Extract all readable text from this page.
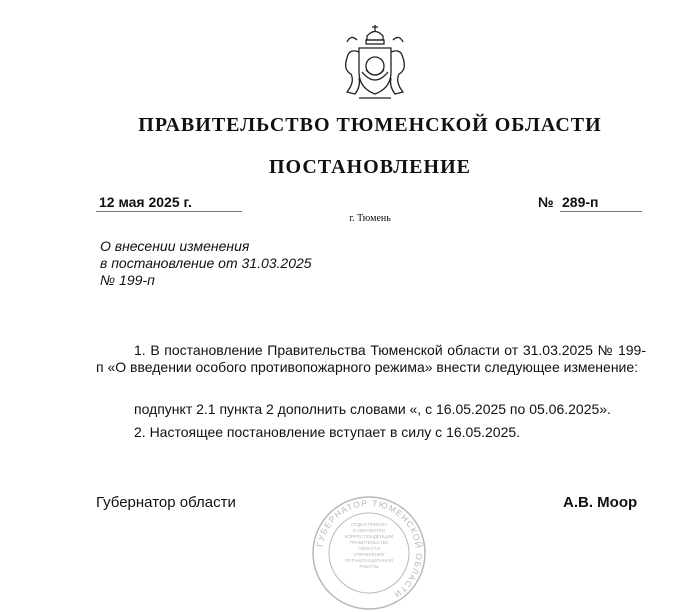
ПРАВИТЕЛЬСТВО ТЮМЕНСКОЙ ОБЛАСТИ
ПОСТАНОВЛЕНИЕ
12 мая 2025 г.	№ 289-п
г. Тюмень
О внесении изменения
в постановление от 31.03.2025
№ 199-п
1. В постановление Правительства Тюменской области от 31.03.2025 № 199-п «О введении особого противопожарного режима» внести следующее изменение:
подпункт 2.1 пункта 2 дополнить словами «, с 16.05.2025 по 05.06.2025».
2. Настоящее постановление вступает в силу с 16.05.2025.
Губернатор области	А.В. Моор
ГУБЕРНАТОР ТЮМЕНСКОЙ ОБЛАСТИ
ОТДЕЛ ПРИЕМА
И ОБРАБОТКИ
КОРРЕСПОНДЕНЦИИ
ПРАВИТЕЛЬСТВА
ОБЛАСТИ
УПРАВЛЕНИЕ
ОРГАНИЗАЦИОННОЙ
РАБОТЫ
